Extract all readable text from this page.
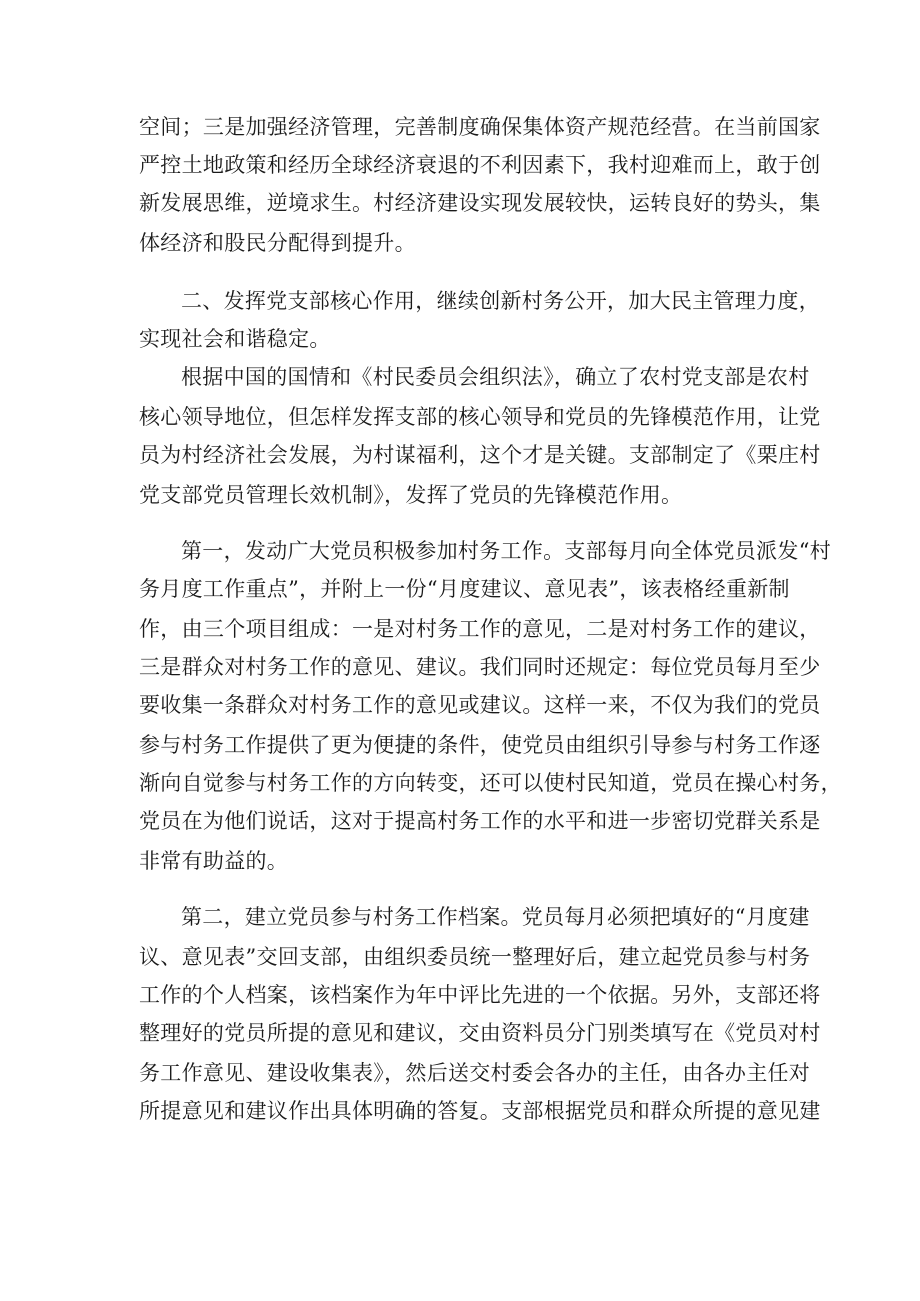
空间；三是加强经济管理，完善制度确保集体资产规范经营。在当前国家
严控土地政策和经历全球经济衰退的不利因素下，我村迎难而上，敢于创
新发展思维，逆境求生。村经济建设实现发展较快，运转良好的势头，集
体经济和股民分配得到提升。
二、发挥党支部核心作用，继续创新村务公开，加大民主管理力度，
实现社会和谐稳定。
根据中国的国情和《村民委员会组织法》，确立了农村党支部是农村
核心领导地位，但怎样发挥支部的核心领导和党员的先锋模范作用，让党
员为村经济社会发展，为村谋福利，这个才是关键。支部制定了《栗庄村
党支部党员管理长效机制》，发挥了党员的先锋模范作用。
第一，发动广大党员积极参加村务工作。支部每月向全体党员派发“村
务月度工作重点”，并附上一份“月度建议、意见表”，该表格经重新制
作，由三个项目组成：一是对村务工作的意见，二是对村务工作的建议，
三是群众对村务工作的意见、建议。我们同时还规定：每位党员每月至少
要收集一条群众对村务工作的意见或建议。这样一来，不仅为我们的党员
参与村务工作提供了更为便捷的条件，使党员由组织引导参与村务工作逐
渐向自觉参与村务工作的方向转变，还可以使村民知道，党员在操心村务，
党员在为他们说话，这对于提高村务工作的水平和进一步密切党群关系是
非常有助益的。
第二，建立党员参与村务工作档案。党员每月必须把填好的“月度建
议、意见表”交回支部，由组织委员统一整理好后，建立起党员参与村务
工作的个人档案，该档案作为年中评比先进的一个依据。另外，支部还将
整理好的党员所提的意见和建议，交由资料员分门别类填写在《党员对村
务工作意见、建设收集表》，然后送交村委会各办的主任，由各办主任对
所提意见和建议作出具体明确的答复。支部根据党员和群众所提的意见建
